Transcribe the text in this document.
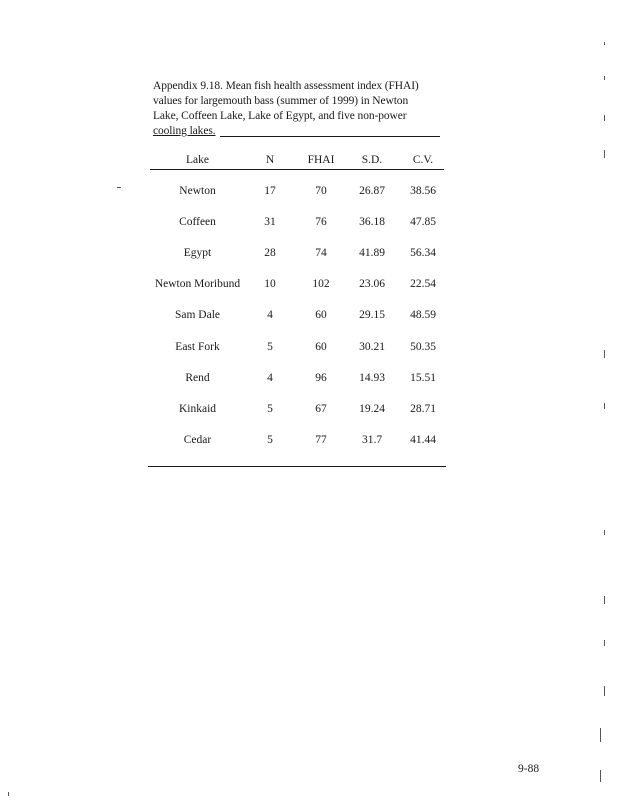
Appendix 9.18. Mean fish health assessment index (FHAI)
values for largemouth bass (summer of 1999) in Newton
Lake, Coffeen Lake, Lake of Egypt, and five non-power
cooling lakes.
Lake	N	FHAI	S.D.	C.V.
Newton	17	70	26.87	38.56
Coffeen	31	76	36.18	47.85
Egypt	28	74	41.89	56.34
Newton Moribund	10	102	23.06	22.54
Sam Dale	4	60	29.15	48.59
East Fork	5	60	30.21	50.35
Rend	4	96	14.93	15.51
Kinkaid	5	67	19.24	28.71
Cedar	5	77	31.7	41.44
9-88
